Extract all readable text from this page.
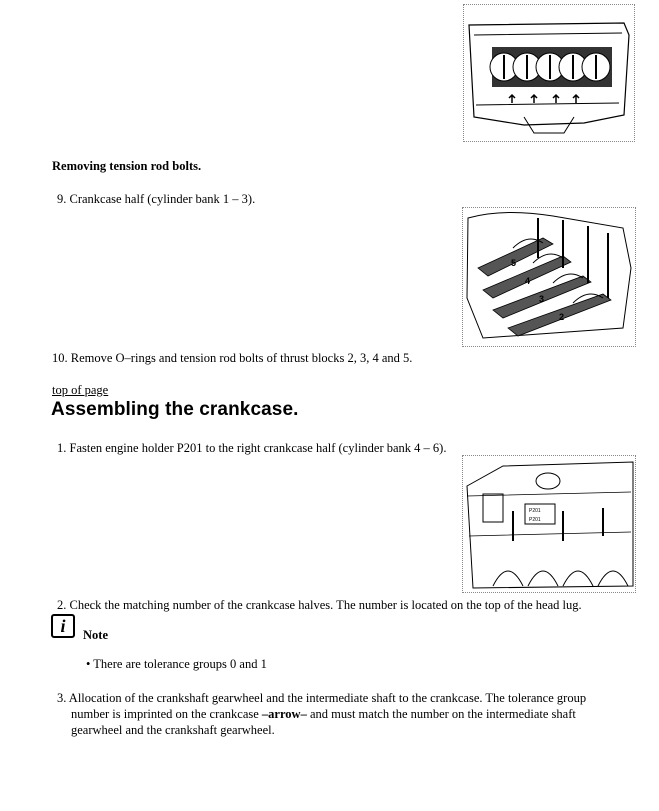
Removing tension rod bolts.
9. Crankcase half (cylinder bank 1 – 3).
5
4
3
2
10. Remove O–rings and tension rod bolts of thrust blocks 2, 3, 4 and 5.
top of page
Assembling the crankcase.
1. Fasten engine holder P201 to the right crankcase half (cylinder bank 4 – 6).
P201
P201
2. Check the matching number of the crankcase halves. The number is located on the top of the head lug.
i	Note
• There are tolerance groups 0 and 1
3. Allocation of the crankshaft gearwheel and the intermediate shaft to the crankcase. The tolerance group
number is imprinted on the crankcase –arrow– and must match the number on the intermediate shaft
gearwheel and the crankshaft gearwheel.
